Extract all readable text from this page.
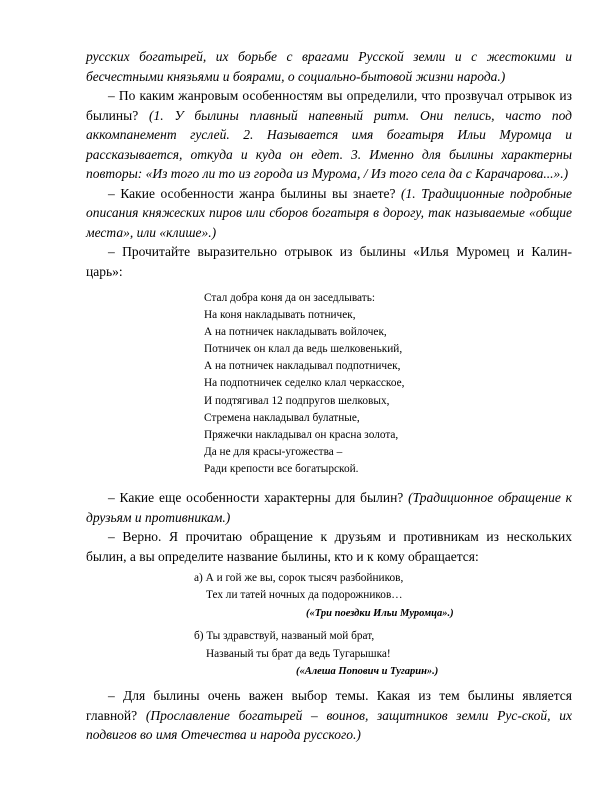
русских богатырей, их борьбе с врагами Русской земли и с жестокими и бесчестными князьями и боярами, о социально-бытовой жизни народа.)

– По каким жанровым особенностям вы определили, что прозвучал отрывок из былины? (1. У былины плавный напевный ритм. Они пелись, часто под аккомпанемент гуслей. 2. Называется имя богатыря Ильи Муромца и рассказывается, откуда и куда он едет. 3. Именно для былины характерны повторы: «Из того ли то из города из Мурома, / Из того села да с Карачарова...».)

– Какие особенности жанра былины вы знаете? (1. Традиционные подробные описания княжеских пиров или сборов богатыря в дорогу, так называемые «общие места», или «клише».)

– Прочитайте выразительно отрывок из былины «Илья Муромец и Калин-царь»:

Стал добра коня да он заседлывать:
На коня накладывать потничек,
А на потничек накладывать войлочек,
Потничек он клал да ведь шелковенький,
А на потничек накладывал подпотничек,
На подпотничек седелко клал черкасское,
И подтягивал 12 подпругов шелковых,
Стремена накладывал булатные,
Пряжечки накладывал он красна золота,
Да не для красы-угожества –
Ради крепости все богатырской.

– Какие еще особенности характерны для былин? (Традиционное обращение к друзьям и противникам.)

– Верно. Я прочитаю обращение к друзьям и противникам из нескольких былин, а вы определите название былины, кто и к кому обращается:

а) А и гой же вы, сорок тысяч разбойников,
Тех ли татей ночных да подорожников…
(«Три поездки Ильи Муромца».)
б) Ты здравствуй, названый мой брат,
Названый ты брат да ведь Тугарышка!
(«Алеша Попович и Тугарин».)

– Для былины очень важен выбор темы. Какая из тем былины является главной? (Прославление богатырей – воинов, защитников земли Рус-ской, их подвигов во имя Отечества и народа русского.)
